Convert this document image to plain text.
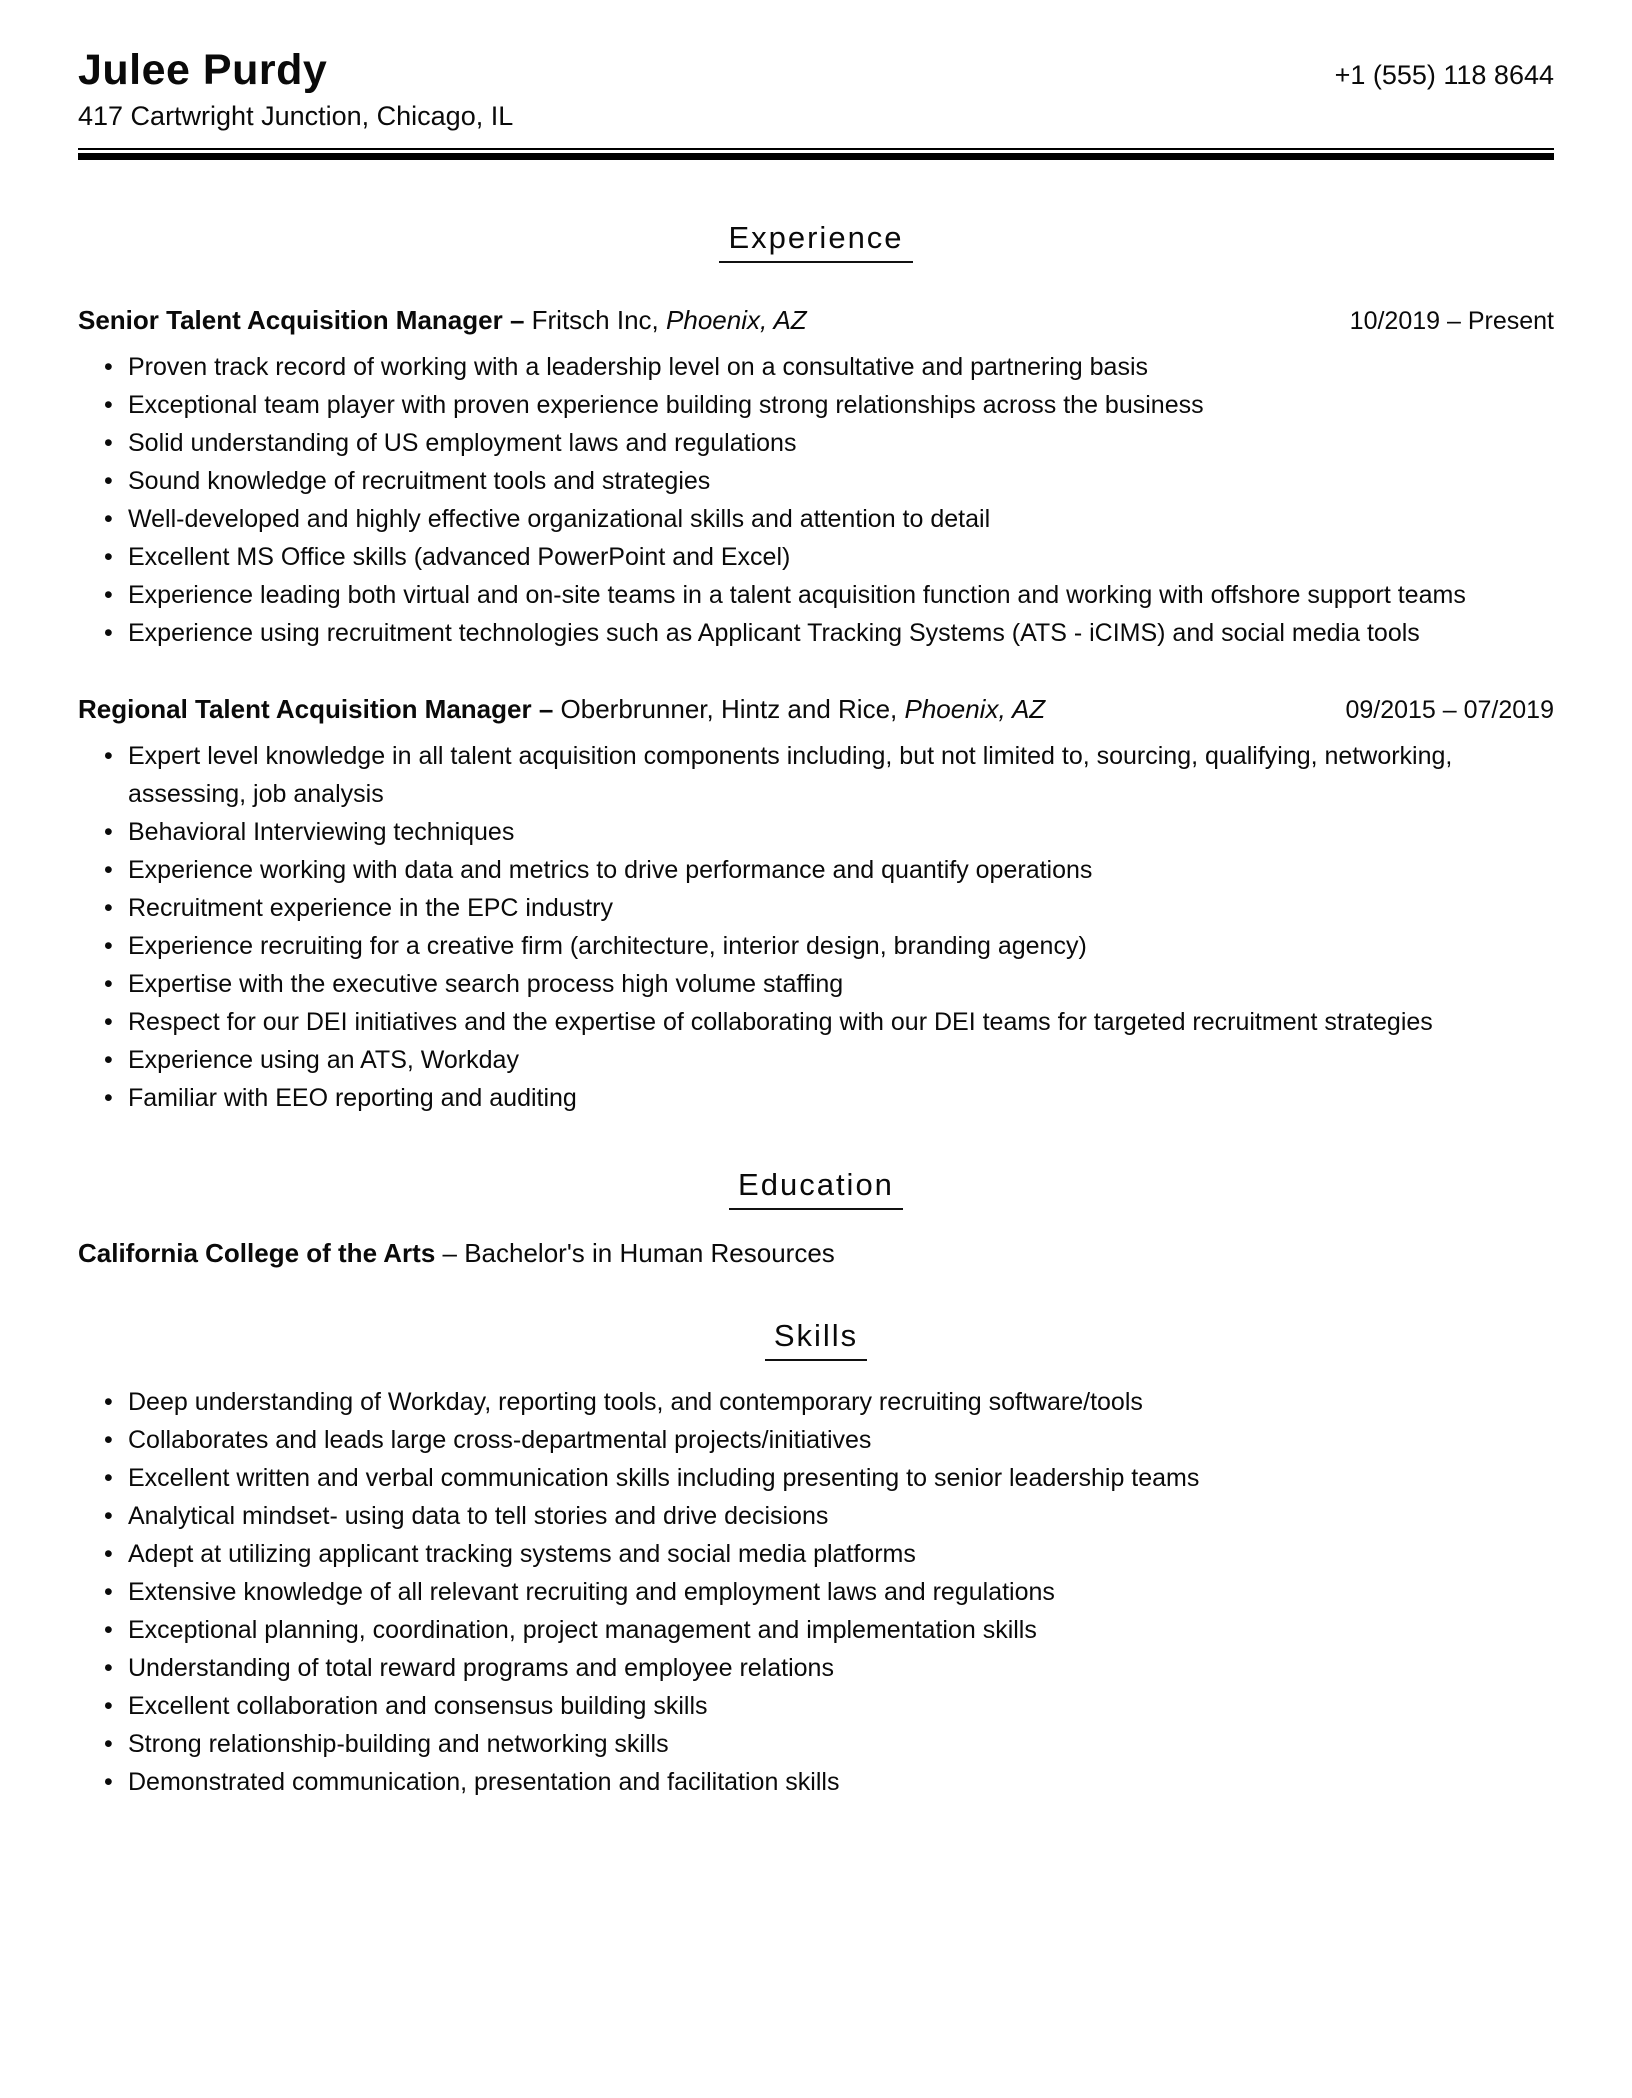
Julee Purdy	+1 (555) 118 8644
417 Cartwright Junction, Chicago, IL
Experience

Senior Talent Acquisition Manager – Fritsch Inc, Phoenix, AZ	10/2019 – Present

• Proven track record of working with a leadership level on a consultative and partnering basis
• Exceptional team player with proven experience building strong relationships across the business
• Solid understanding of US employment laws and regulations
• Sound knowledge of recruitment tools and strategies
• Well-developed and highly effective organizational skills and attention to detail
• Excellent MS Office skills (advanced PowerPoint and Excel)
• Experience leading both virtual and on-site teams in a talent acquisition function and working with offshore support teams
• Experience using recruitment technologies such as Applicant Tracking Systems (ATS - iCIMS) and social media tools

Regional Talent Acquisition Manager – Oberbrunner, Hintz and Rice, Phoenix, AZ	09/2015 – 07/2019

• Expert level knowledge in all talent acquisition components including, but not limited to, sourcing, qualifying, networking, assessing, job analysis
• Behavioral Interviewing techniques
• Experience working with data and metrics to drive performance and quantify operations
• Recruitment experience in the EPC industry
• Experience recruiting for a creative firm (architecture, interior design, branding agency)
• Expertise with the executive search process high volume staffing
• Respect for our DEI initiatives and the expertise of collaborating with our DEI teams for targeted recruitment strategies
• Experience using an ATS, Workday
• Familiar with EEO reporting and auditing
Education

California College of the Arts – Bachelor's in Human Resources

Skills
• Deep understanding of Workday, reporting tools, and contemporary recruiting software/tools
• Collaborates and leads large cross-departmental projects/initiatives
• Excellent written and verbal communication skills including presenting to senior leadership teams
• Analytical mindset- using data to tell stories and drive decisions
• Adept at utilizing applicant tracking systems and social media platforms
• Extensive knowledge of all relevant recruiting and employment laws and regulations
• Exceptional planning, coordination, project management and implementation skills
• Understanding of total reward programs and employee relations
• Excellent collaboration and consensus building skills
• Strong relationship-building and networking skills
• Demonstrated communication, presentation and facilitation skills
